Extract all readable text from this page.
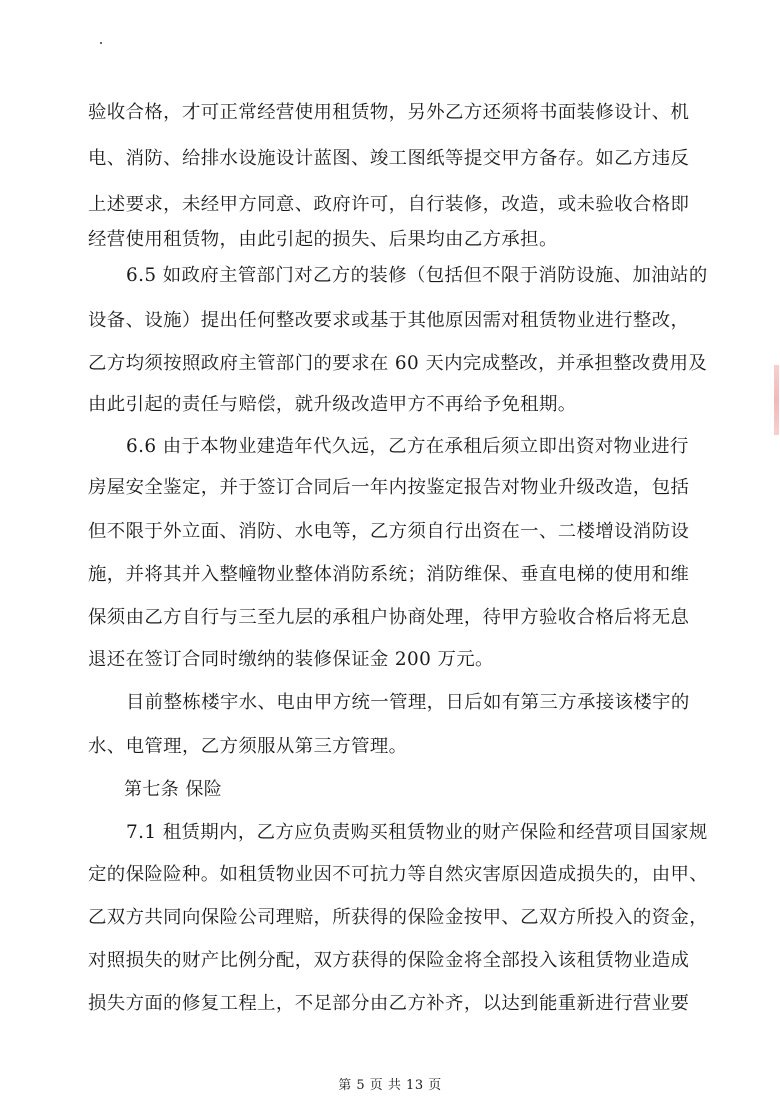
验收合格，才可正常经营使用租赁物，另外乙方还须将书面装修设计、机

电、消防、给排水设施设计蓝图、竣工图纸等提交甲方备存。如乙方违反

上述要求，未经甲方同意、政府许可，自行装修，改造，或未验收合格即

经营使用租赁物，由此引起的损失、后果均由乙方承担。

6.5 如政府主管部门对乙方的装修（包括但不限于消防设施、加油站的

设备、设施）提出任何整改要求或基于其他原因需对租赁物业进行整改，

乙方均须按照政府主管部门的要求在 60 天内完成整改，并承担整改费用及

由此引起的责任与赔偿，就升级改造甲方不再给予免租期。

6.6 由于本物业建造年代久远，乙方在承租后须立即出资对物业进行

房屋安全鉴定，并于签订合同后一年内按鉴定报告对物业升级改造，包括

但不限于外立面、消防、水电等，乙方须自行出资在一、二楼增设消防设

施，并将其并入整幢物业整体消防系统；消防维保、垂直电梯的使用和维

保须由乙方自行与三至九层的承租户协商处理，待甲方验收合格后将无息

退还在签订合同时缴纳的装修保证金 200 万元。

目前整栋楼宇水、电由甲方统一管理，日后如有第三方承接该楼宇的

水、电管理，乙方须服从第三方管理。

第七条 保险

7.1 租赁期内，乙方应负责购买租赁物业的财产保险和经营项目国家规

定的保险险种。如租赁物业因不可抗力等自然灾害原因造成损失的，由甲、

乙双方共同向保险公司理赔，所获得的保险金按甲、乙双方所投入的资金，

对照损失的财产比例分配，双方获得的保险金将全部投入该租赁物业造成

损失方面的修复工程上，不足部分由乙方补齐，以达到能重新进行营业要

第 5 页 共 13 页
